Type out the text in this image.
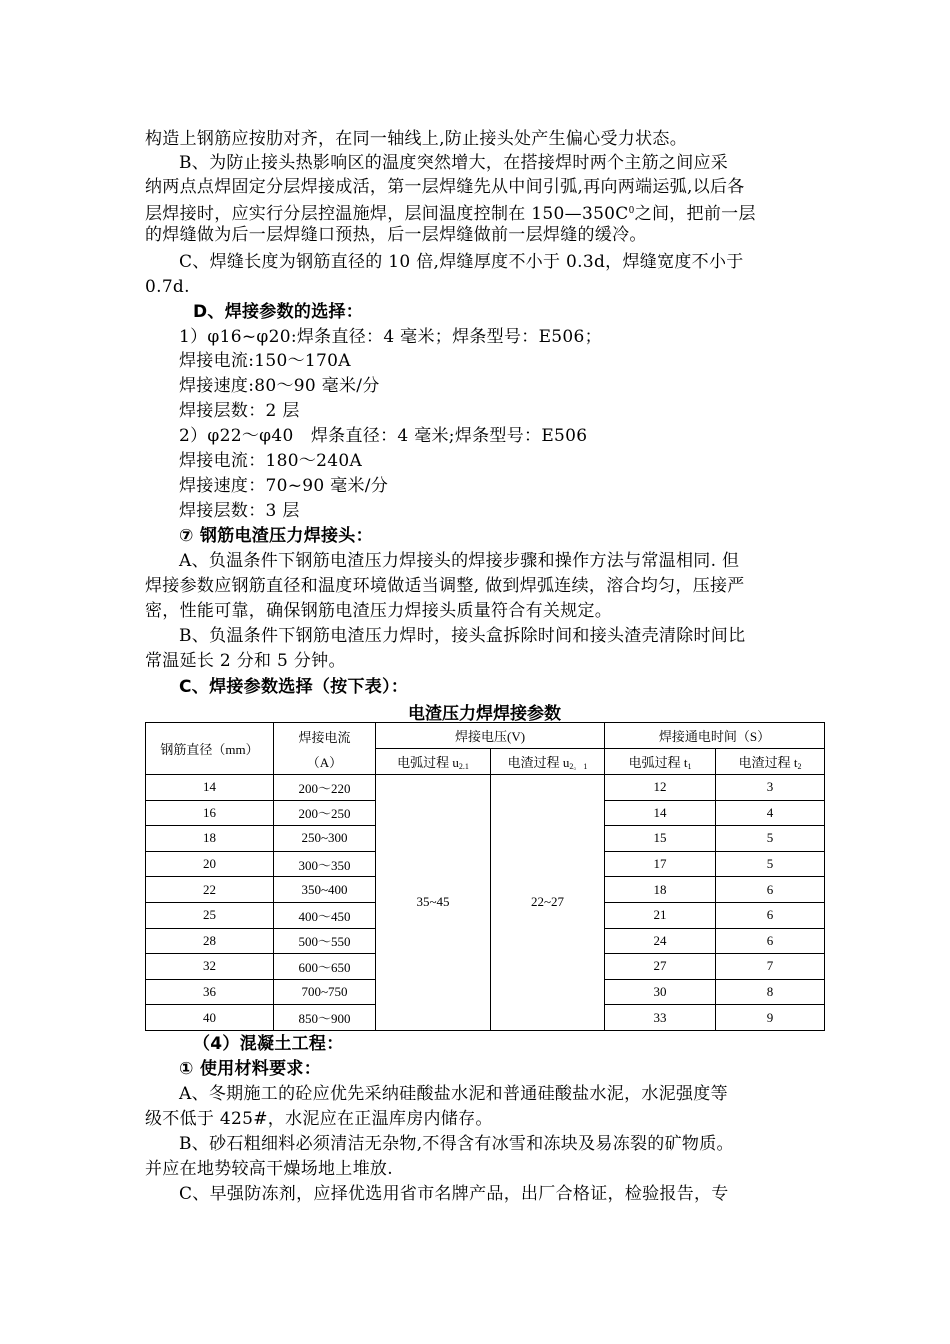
构造上钢筋应按肋对齐，在同一轴线上,防止接头处产生偏心受力状态。
B、为防止接头热影响区的温度突然增大，在搭接焊时两个主筋之间应采
纳两点点焊固定分层焊接成活，第一层焊缝先从中间引弧,再向两端运弧,以后各
层焊接时，应实行分层控温施焊，层间温度控制在 $150—350C^0$之间，把前一层
的焊缝做为后一层焊缝口预热，后一层焊缝做前一层焊缝的缓冷。
C、焊缝长度为钢筋直径的 10 倍,焊缝厚度不小于 0.3d，焊缝宽度不小于
0.7d.
D、焊接参数的选择：
1）φ16~φ20:焊条直径：4 毫米；焊条型号：E506；
焊接电流:150～170A
焊接速度:80～90 毫米/分
焊接层数：2 层
2）φ22～φ40　焊条直径：4 毫米;焊条型号：E506
焊接电流：180～240A
焊接速度：70~90 毫米/分
焊接层数：3 层
⑦ 钢筋电渣压力焊接头：
A、负温条件下钢筋电渣压力焊接头的焊接步骤和操作方法与常温相同. 但
焊接参数应钢筋直径和温度环境做适当调整, 做到焊弧连续，溶合均匀，压接严
密，性能可靠，确保钢筋电渣压力焊接头质量符合有关规定。
B、负温条件下钢筋电渣压力焊时，接头盒拆除时间和接头渣壳清除时间比
常温延长 2 分和 5 分钟。
C、焊接参数选择（按下表）：
电渣压力焊焊接参数
钢筋直径（mm）	焊接电流
（A）	焊接电压(V)		焊接通电时间（S）	
		电弧过程 $u_{2.1}$	电渣过程 $u_{2。 1}$	电弧过程 $t_1$	电渣过程 $t_2$
14	200～220	35~45	22~27	12	3
16	200～250			14	4
18	250~300			15	5
20	300～350			17	5
22	350~400			18	6
25	400～450			21	6
28	500～550			24	6
32	600～650			27	7
36	700~750			30	8
40	850～900			33	9
（4）混凝土工程：
① 使用材料要求：
A、冬期施工的砼应优先采纳硅酸盐水泥和普通硅酸盐水泥，水泥强度等
级不低于 425#，水泥应在正温库房内储存。
B、砂石粗细料必须清洁无杂物,不得含有冰雪和冻块及易冻裂的矿物质。
并应在地势较高干燥场地上堆放.
C、早强防冻剂，应择优选用省市名牌产品，出厂合格证，检验报告，专
